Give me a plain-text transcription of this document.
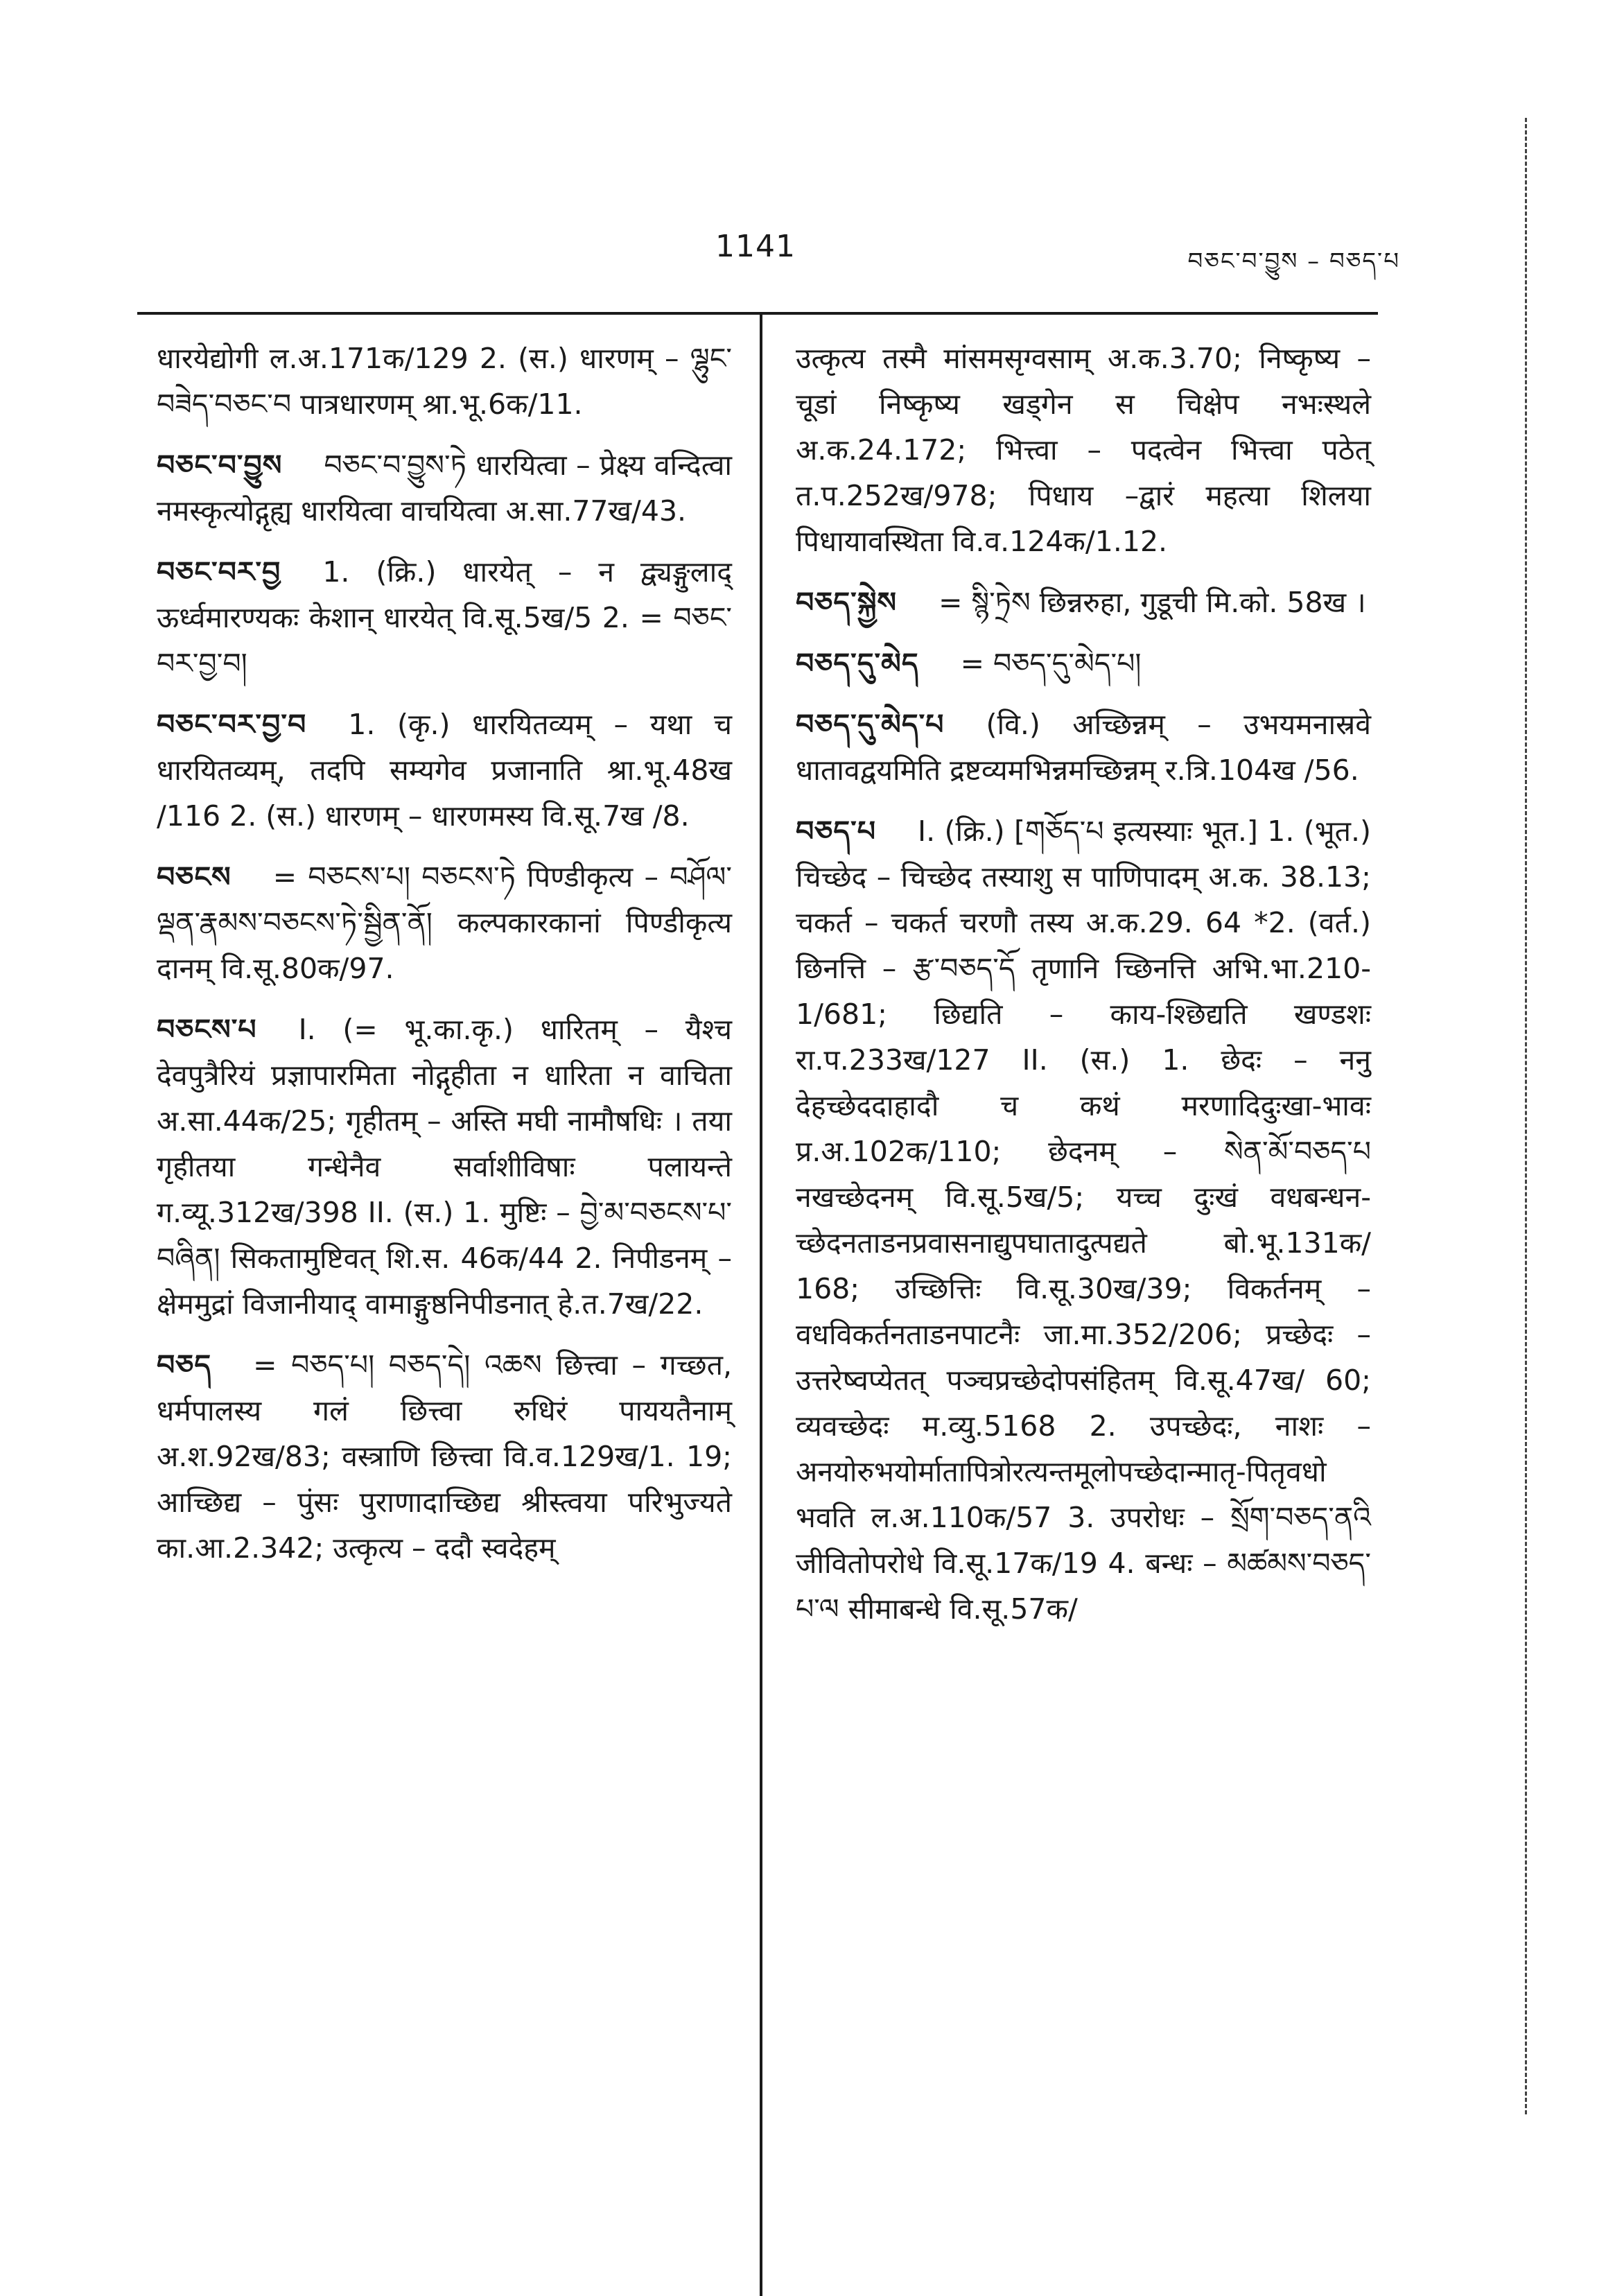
1141	བཅང་བ་བྱུས – བཅད་པ

धारयेद्योगी ल.अ.171क/129 2. (स.) धारणम् – ལྷུང་བཟེད་བཅང་བ पात्रधारणम् श्रा.भू.6क/11.

བཅང་བ་བྱུས བཅང་བ་བྱུས་ཏེ धारयित्वा – प्रेक्ष्य वन्दित्वा नमस्कृत्योद्गृह्य धारयित्वा वाचयित्वा अ.सा.77ख/43.

བཅང་བར་བྱ 1. (क्रि.) धारयेत् – न द्व्यङ्गुलाद् ऊर्ध्वमारण्यकः केशान् धारयेत् वि.सू.5ख/5 2. = བཅང་བར་བྱ་བ།

བཅང་བར་བྱ་བ 1. (कृ.) धारयितव्यम् – यथा च धारयितव्यम्, तदपि सम्यगेव प्रजानाति श्रा.भू.48ख /116 2. (स.) धारणम् – धारणमस्य वि.सू.7ख /8.

བཅངས = བཅངས་པ། བཅངས་ཏེ पिण्डीकृत्य – བཤོལ་ལྡན་རྣམས་བཅངས་ཏེ་སྦྱིན་ནོ། कल्पकारकानां पिण्डीकृत्य दानम् वि.सू.80क/97.

བཅངས་པ I. (= भू.का.कृ.) धारितम् – यैश्च देवपुत्रैरियं प्रज्ञापारमिता नोद्गृहीता न धारिता न वाचिता अ.सा.44क/25; गृहीतम् – अस्ति मघी नामौषधिः । तया गृहीतया गन्धेनैव सर्वाशीविषाः पलायन्ते ग.व्यू.312ख/398 II. (स.) 1. मुष्टिः – བྱེ་མ་བཅངས་པ་བཞིན། सिकतामुष्टिवत् शि.स. 46क/44 2. निपीडनम् – क्षेममुद्रां विजानीयाद् वामाङ्गुष्ठनिपीडनात् हे.त.7ख/22.

བཅད = བཅད་པ། བཅད་དེ། འཆས छित्त्वा – गच्छत, धर्मपालस्य गलं छित्त्वा रुधिरं पाययतैनाम् अ.श.92ख/83; वस्त्राणि छित्त्वा वि.व.129ख/1. 19; आच्छिद्य – पुंसः पुराणादाच्छिद्य श्रीस्त्वया परिभुज्यते का.आ.2.342; उत्कृत्य – ददौ स्वदेहम्

उत्कृत्य तस्मै मांसमसृग्वसाम् अ.क.3.70; निष्कृष्य – चूडां निष्कृष्य खड्गेन स चिक्षेप नभःस्थले अ.क.24.172; भित्त्वा – पदत्वेन भित्त्वा पठेत् त.प.252ख/978; पिधाय –द्वारं महत्या शिलया पिधायावस्थिता वि.व.124क/1.12.

བཅད་སྐྱེས = སྙི་ཏྲེས छिन्नरुहा, गुडूची मि.को. 58ख ।

བཅད་དུ་མེད = བཅད་དུ་མེད་པ།

བཅད་དུ་མེད་པ (वि.) अच्छिन्नम् – उभयमनास्रवे धातावद्वयमिति द्रष्टव्यमभिन्नमच्छिन्नम् र.त्रि.104ख /56.

བཅད་པ I. (क्रि.) [གཅོད་པ इत्यस्याः भूत.] 1. (भूत.) चिच्छेद – चिच्छेद तस्याशु स पाणिपादम् अ.क. 38.13; चकर्त – चकर्त चरणौ तस्य अ.क.29. 64 *2. (वर्त.) छिनत्ति – རྩ་བཅད་དོ तृणानि च्छिनत्ति अभि.भा.210-1/681; छिद्यति – काय-श्छिद्यति खण्डशः रा.प.233ख/127 II. (स.) 1. छेदः – ननु देहच्छेददाहादौ च कथं मरणादिदुःखा-भावः प्र.अ.102क/110; छेदनम् – སེན་མོ་བཅད་པ नखच्छेदनम् वि.सू.5ख/5; यच्च दुःखं वधबन्धन-च्छेदनताडनप्रवासनाद्युपघातादुत्पद्यते बो.भू.131क/ 168; उच्छित्तिः वि.सू.30ख/39; विकर्तनम् – वधविकर्तनताडनपाटनैः जा.मा.352/206; प्रच्छेदः – उत्तरेष्वप्येतत् पञ्चप्रच्छेदोपसंहितम् वि.सू.47ख/ 60; व्यवच्छेदः म.व्यु.5168 2. उपच्छेदः, नाशः – अनयोरुभयोर्मातापित्रोरत्यन्तमूलोपच्छेदान्मातृ-पितृवधो भवति ल.अ.110क/57 3. उपरोधः – སྲོག་བཅད་ནའི जीवितोपरोधे वि.सू.17क/19 4. बन्धः – མཚམས་བཅད་པ་ལ सीमाबन्धे वि.सू.57क/
